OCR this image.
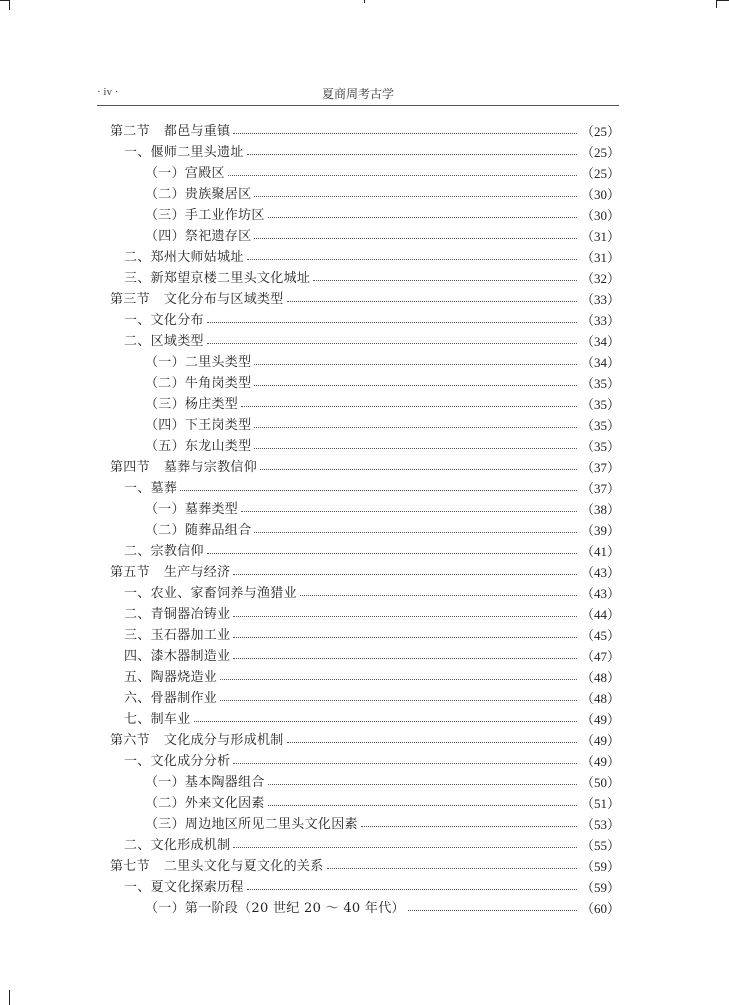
· iv ·	夏商周考古学
第二节 都邑与重镇	（25）
一、偃师二里头遗址	（25）
（一）宫殿区	（25）
（二）贵族聚居区	（30）
（三）手工业作坊区	（30）
（四）祭祀遗存区	（31）
二、郑州大师姑城址	（31）
三、新郑望京楼二里头文化城址	（32）
第三节 文化分布与区域类型	（33）
一、文化分布	（33）
二、区域类型	（34）
（一）二里头类型	（34）
（二）牛角岗类型	（35）
（三）杨庄类型	（35）
（四）下王岗类型	（35）
（五）东龙山类型	（35）
第四节 墓葬与宗教信仰	（37）
一、墓葬	（37）
（一）墓葬类型	（38）
（二）随葬品组合	（39）
二、宗教信仰	（41）
第五节 生产与经济	（43）
一、农业、家畜饲养与渔猎业	（43）
二、青铜器冶铸业	（44）
三、玉石器加工业	（45）
四、漆木器制造业	（47）
五、陶器烧造业	（48）
六、骨器制作业	（48）
七、制车业	（49）
第六节 文化成分与形成机制	（49）
一、文化成分分析	（49）
（一）基本陶器组合	（50）
（二）外来文化因素	（51）
（三）周边地区所见二里头文化因素	（53）
二、文化形成机制	（55）
第七节 二里头文化与夏文化的关系	（59）
一、夏文化探索历程	（59）
（一）第一阶段（20 世纪 20 ～ 40 年代）	（60）
